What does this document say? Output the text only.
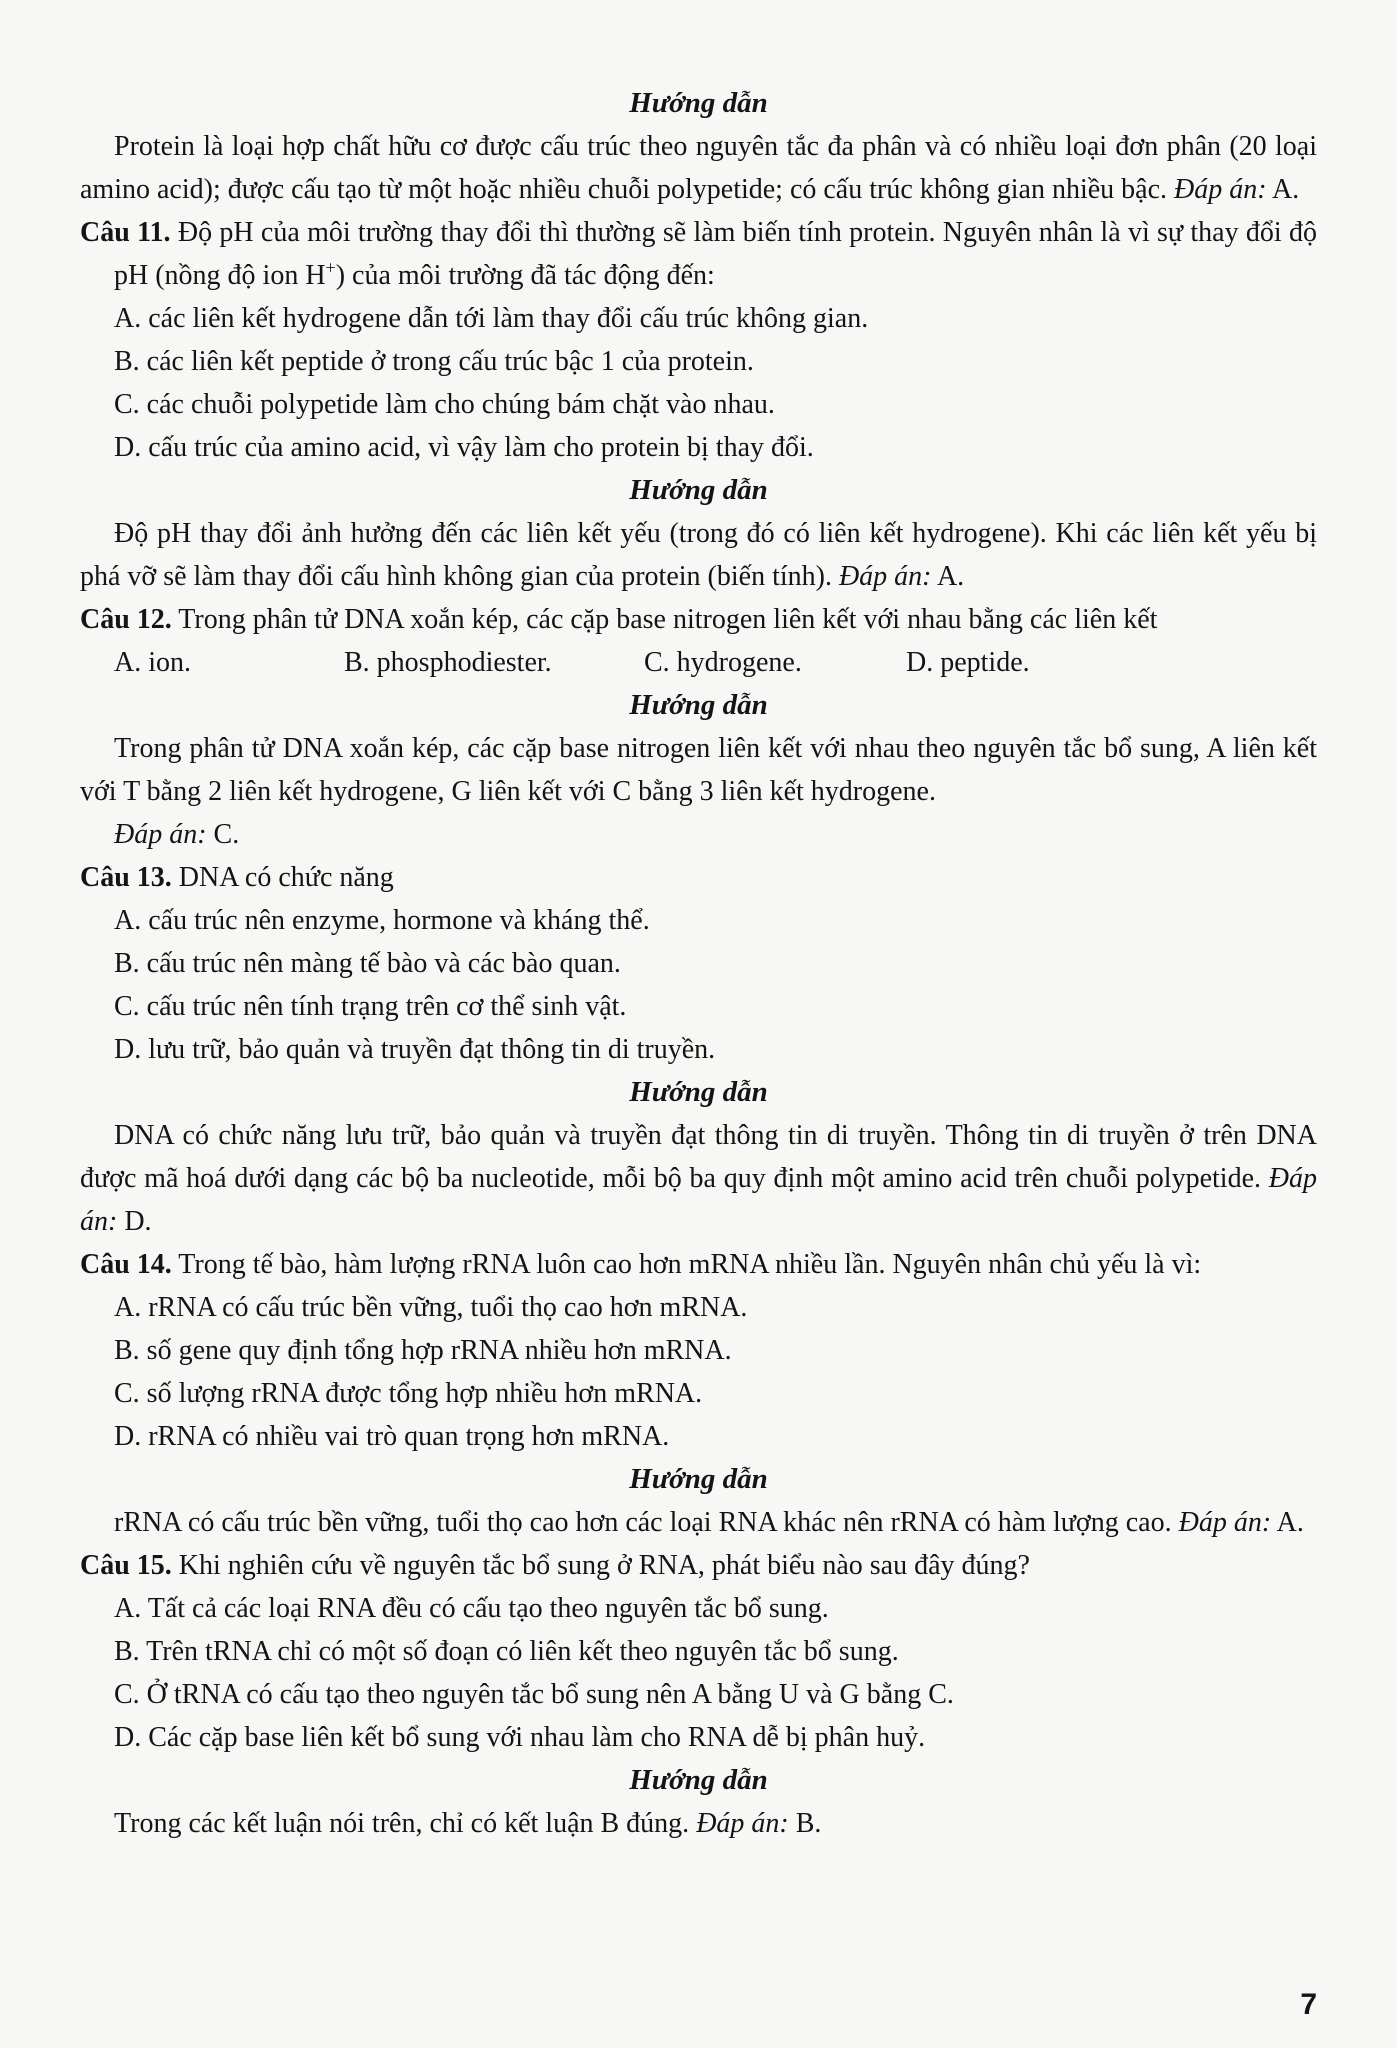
Hướng dẫn

Protein là loại hợp chất hữu cơ được cấu trúc theo nguyên tắc đa phân và có nhiều loại đơn phân (20 loại amino acid); được cấu tạo từ một hoặc nhiều chuỗi polypetide; có cấu trúc không gian nhiều bậc. Đáp án: A.

Câu 11. Độ pH của môi trường thay đổi thì thường sẽ làm biến tính protein. Nguyên nhân là vì sự thay đổi độ pH (nồng độ ion H+) của môi trường đã tác động đến:

A. các liên kết hydrogene dẫn tới làm thay đổi cấu trúc không gian.

B. các liên kết peptide ở trong cấu trúc bậc 1 của protein.

C. các chuỗi polypetide làm cho chúng bám chặt vào nhau.

D. cấu trúc của amino acid, vì vậy làm cho protein bị thay đổi.

Hướng dẫn

Độ pH thay đổi ảnh hưởng đến các liên kết yếu (trong đó có liên kết hydrogene). Khi các liên kết yếu bị phá vỡ sẽ làm thay đổi cấu hình không gian của protein (biến tính). Đáp án: A.

Câu 12. Trong phân tử DNA xoắn kép, các cặp base nitrogen liên kết với nhau bằng các liên kết

A. ion.	B. phosphodiester.	C. hydrogene.	D. peptide.

Hướng dẫn

Trong phân tử DNA xoắn kép, các cặp base nitrogen liên kết với nhau theo nguyên tắc bổ sung, A liên kết với T bằng 2 liên kết hydrogene, G liên kết với C bằng 3 liên kết hydrogene.

Đáp án: C.

Câu 13. DNA có chức năng

A. cấu trúc nên enzyme, hormone và kháng thể.

B. cấu trúc nên màng tế bào và các bào quan.

C. cấu trúc nên tính trạng trên cơ thể sinh vật.

D. lưu trữ, bảo quản và truyền đạt thông tin di truyền.

Hướng dẫn

DNA có chức năng lưu trữ, bảo quản và truyền đạt thông tin di truyền. Thông tin di truyền ở trên DNA được mã hoá dưới dạng các bộ ba nucleotide, mỗi bộ ba quy định một amino acid trên chuỗi polypetide. Đáp án: D.

Câu 14. Trong tế bào, hàm lượng rRNA luôn cao hơn mRNA nhiều lần. Nguyên nhân chủ yếu là vì:

A. rRNA có cấu trúc bền vững, tuổi thọ cao hơn mRNA.

B. số gene quy định tổng hợp rRNA nhiều hơn mRNA.

C. số lượng rRNA được tổng hợp nhiều hơn mRNA.

D. rRNA có nhiều vai trò quan trọng hơn mRNA.

Hướng dẫn

rRNA có cấu trúc bền vững, tuổi thọ cao hơn các loại RNA khác nên rRNA có hàm lượng cao. Đáp án: A.

Câu 15. Khi nghiên cứu về nguyên tắc bổ sung ở RNA, phát biểu nào sau đây đúng?

A. Tất cả các loại RNA đều có cấu tạo theo nguyên tắc bổ sung.

B. Trên tRNA chỉ có một số đoạn có liên kết theo nguyên tắc bổ sung.

C. Ở tRNA có cấu tạo theo nguyên tắc bổ sung nên A bằng U và G bằng C.

D. Các cặp base liên kết bổ sung với nhau làm cho RNA dễ bị phân huỷ.

Hướng dẫn

Trong các kết luận nói trên, chỉ có kết luận B đúng. Đáp án: B.

7
